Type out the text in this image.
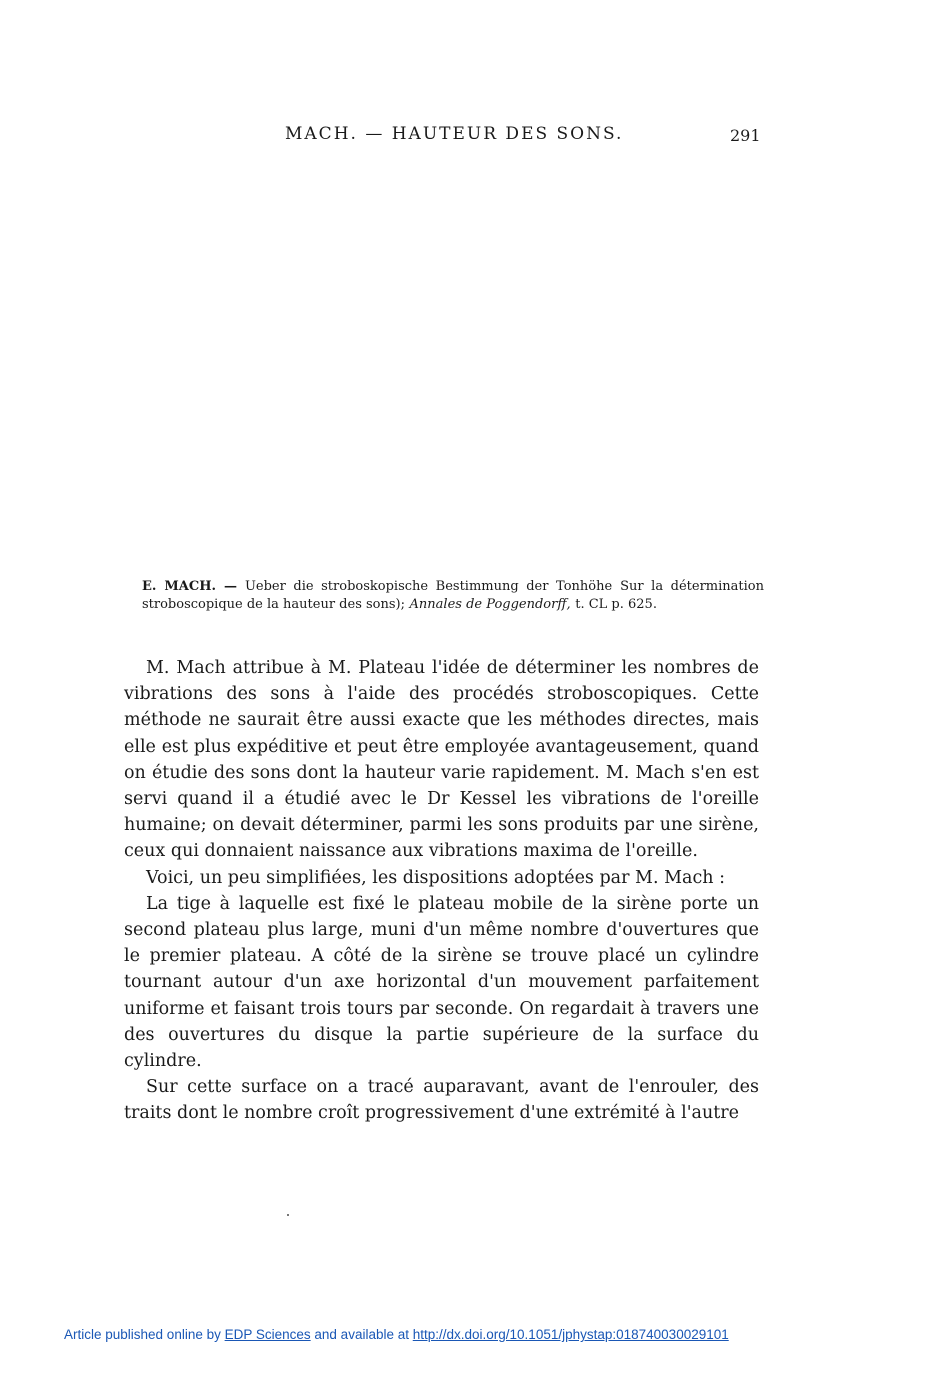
MACH. — HAUTEUR DES SONS.	291
E. MACH. — Ueber die stroboskopische Bestimmung der Tonhöhe Sur la détermination stroboscopique de la hauteur des sons); Annales de Poggendorff, t. CL p. 625.

M. Mach attribue à M. Plateau l'idée de déterminer les nombres de vibrations des sons à l'aide des procédés stroboscopiques. Cette méthode ne saurait être aussi exacte que les méthodes directes, mais elle est plus expéditive et peut être employée avantageusement, quand on étudie des sons dont la hauteur varie rapidement. M. Mach s'en est servi quand il a étudié avec le Dr Kessel les vibrations de l'oreille humaine; on devait déterminer, parmi les sons produits par une sirène, ceux qui donnaient naissance aux vibrations maxima de l'oreille.

Voici, un peu simplifiées, les dispositions adoptées par M. Mach :

La tige à laquelle est fixé le plateau mobile de la sirène porte un second plateau plus large, muni d'un même nombre d'ouvertures que le premier plateau. A côté de la sirène se trouve placé un cylindre tournant autour d'un axe horizontal d'un mouvement parfaitement uniforme et faisant trois tours par seconde. On regardait à travers une des ouvertures du disque la partie supérieure de la surface du cylindre.

Sur cette surface on a tracé auparavant, avant de l'enrouler, des traits dont le nombre croît progressivement d'une extrémité à l'autre

Article published online by EDP Sciences and available at http://dx.doi.org/10.1051/jphystap:018740030029101
